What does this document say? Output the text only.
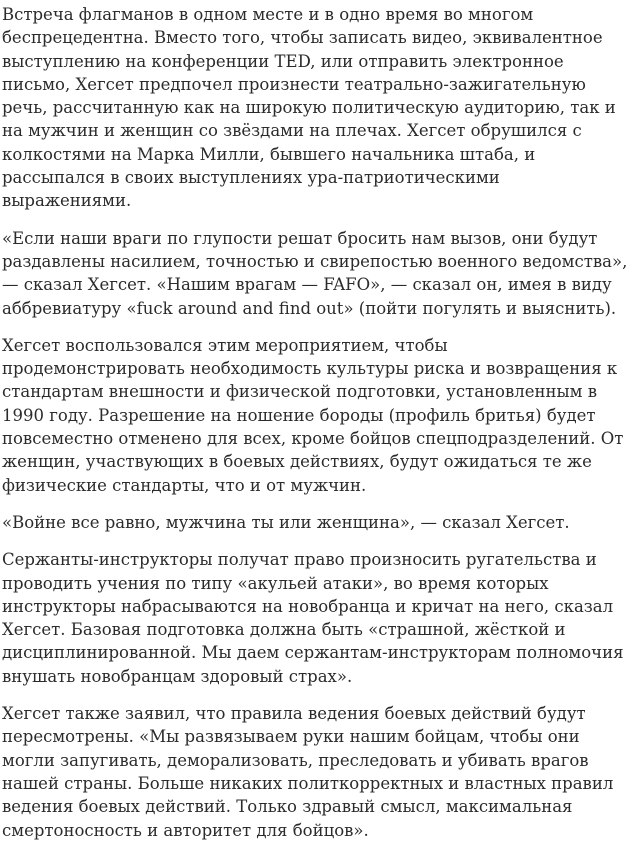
Встреча флагманов в одном месте и в одно время во многом беспрецедентна. Вместо того, чтобы записать видео, эквивалентное выступлению на конференции TED, или отправить электронное письмо, Хегсет предпочел произнести театрально-зажигательную речь, рассчитанную как на широкую политическую аудиторию, так и на мужчин и женщин со звёздами на плечах. Хегсет обрушился с колкостями на Марка Милли, бывшего начальника штаба, и рассыпался в своих выступлениях ура-патриотическими выражениями.

«Если наши враги по глупости решат бросить нам вызов, они будут раздавлены насилием, точностью и свирепостью военного ведомства», — сказал Хегсет. «Нашим врагам — FAFO», — сказал он, имея в виду аббревиатуру «fuck around and find out» (пойти погулять и выяснить).

Хегсет воспользовался этим мероприятием, чтобы продемонстрировать необходимость культуры риска и возвращения к стандартам внешности и физической подготовки, установленным в 1990 году. Разрешение на ношение бороды (профиль бритья) будет повсеместно отменено для всех, кроме бойцов спецподразделений. От женщин, участвующих в боевых действиях, будут ожидаться те же физические стандарты, что и от мужчин.

«Войне все равно, мужчина ты или женщина», — сказал Хегсет.

Сержанты-инструкторы получат право произносить ругательства и проводить учения по типу «акульей атаки», во время которых инструкторы набрасываются на новобранца и кричат на него, сказал Хегсет. Базовая подготовка должна быть «страшной, жёсткой и дисциплинированной. Мы даем сержантам-инструкторам полномочия внушать новобранцам здоровый страх».

Хегсет также заявил, что правила ведения боевых действий будут пересмотрены. «Мы развязываем руки нашим бойцам, чтобы они могли запугивать, деморализовать, преследовать и убивать врагов нашей страны. Больше никаких политкорректных и властных правил ведения боевых действий. Только здравый смысл, максимальная смертоносность и авторитет для бойцов».
